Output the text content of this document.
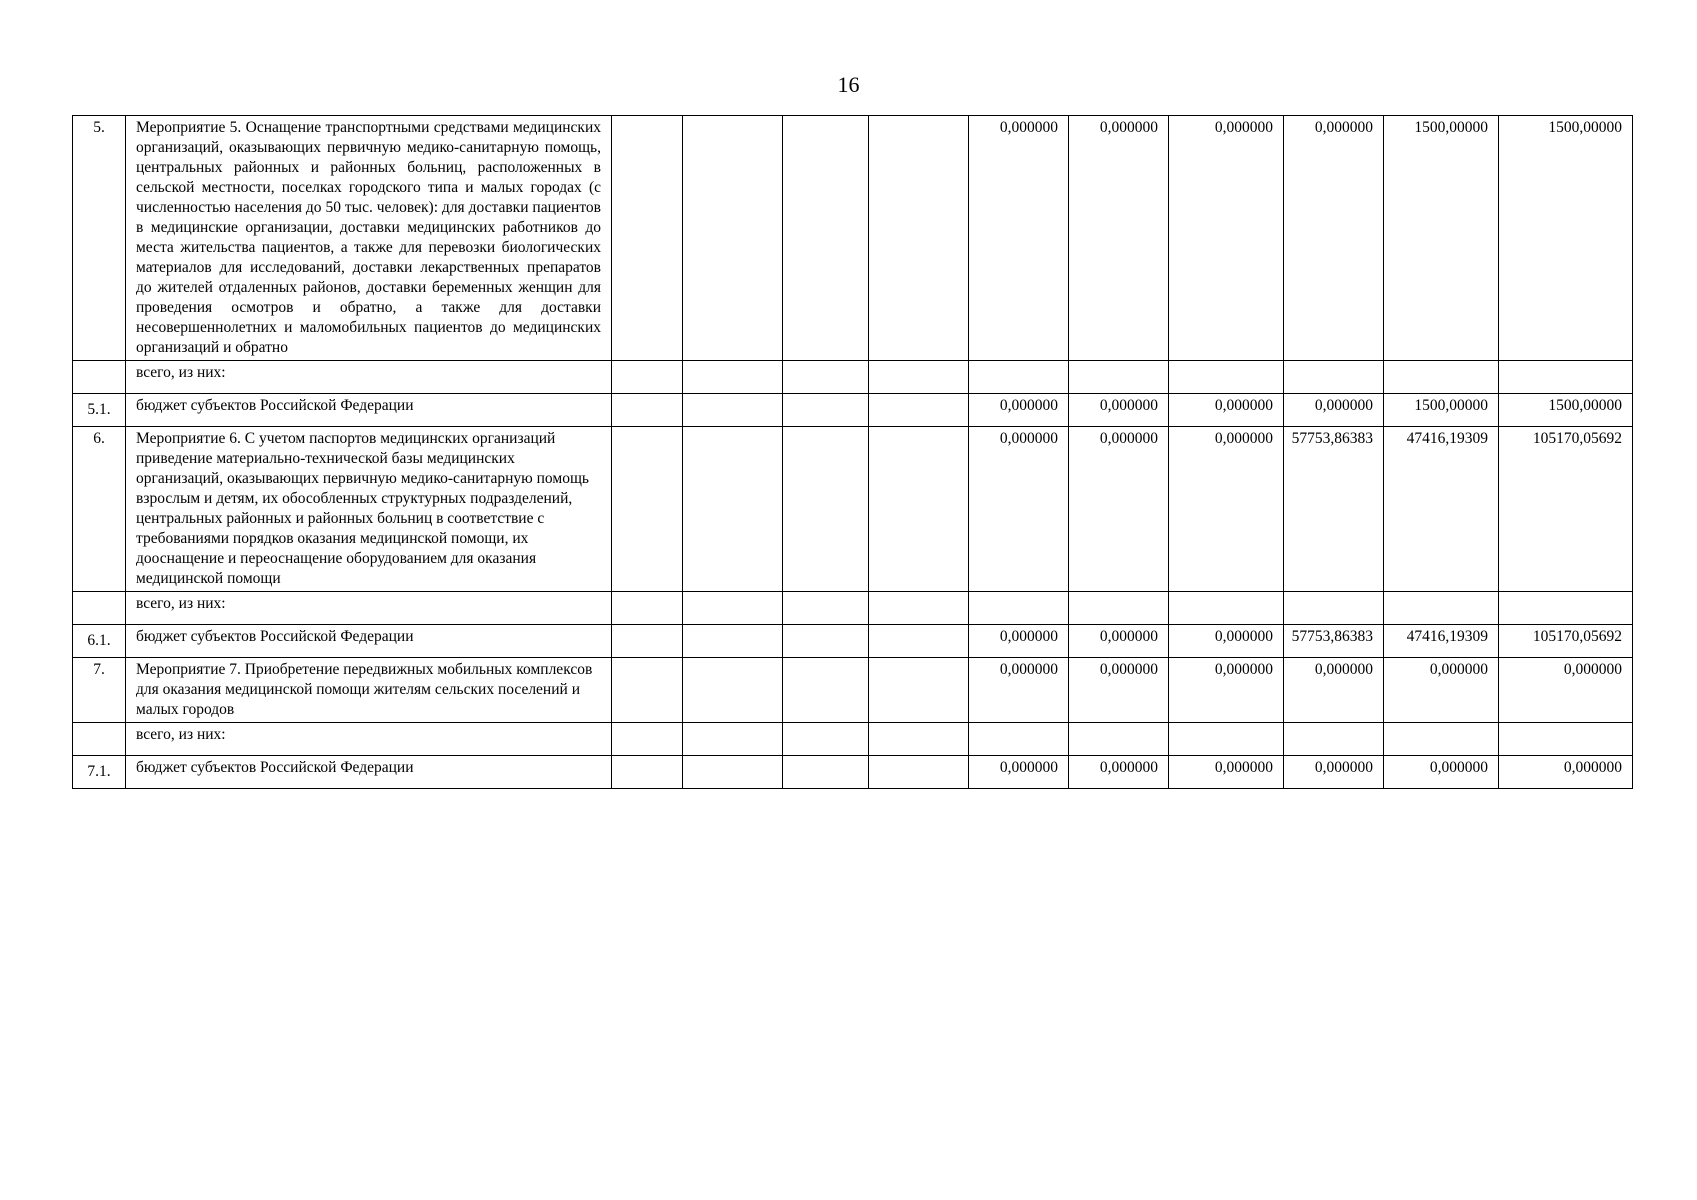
16
5.	Мероприятие 5. Оснащение транспортными средствами медицинских организаций, оказывающих первичную медико-санитарную помощь, центральных районных и районных больниц, расположенных в сельской местности, поселках городского типа и малых городах (с численностью населения до 50 тыс. человек): для доставки пациентов в медицинские организации, доставки медицинских работников до места жительства пациентов, а также для перевозки биологических материалов для исследований, доставки лекарственных препаратов до жителей отдаленных районов, доставки беременных женщин для проведения осмотров и обратно, а также для доставки несовершеннолетних и маломобильных пациентов до медицинских организаций и обратно					0,000000	0,000000	0,000000	0,000000	1500,00000	1500,00000
	всего, из них:										
5.1.	бюджет субъектов Российской Федерации					0,000000	0,000000	0,000000	0,000000	1500,00000	1500,00000
6.	Мероприятие 6. С учетом паспортов медицинских организаций приведение материально-технической базы медицинских организаций, оказывающих первичную медико-санитарную помощь взрослым и детям, их обособленных структурных подразделений, центральных районных и районных больниц в соответствие с требованиями порядков оказания медицинской помощи, их дооснащение и переоснащение оборудованием для оказания медицинской помощи					0,000000	0,000000	0,000000	57753,86383	47416,19309	105170,05692
	всего, из них:										
6.1.	бюджет субъектов Российской Федерации					0,000000	0,000000	0,000000	57753,86383	47416,19309	105170,05692
7.	Мероприятие 7. Приобретение передвижных мобильных комплексов для оказания медицинской помощи жителям сельских поселений и малых городов					0,000000	0,000000	0,000000	0,000000	0,000000	0,000000
	всего, из них:										
7.1.	бюджет субъектов Российской Федерации					0,000000	0,000000	0,000000	0,000000	0,000000	0,000000
